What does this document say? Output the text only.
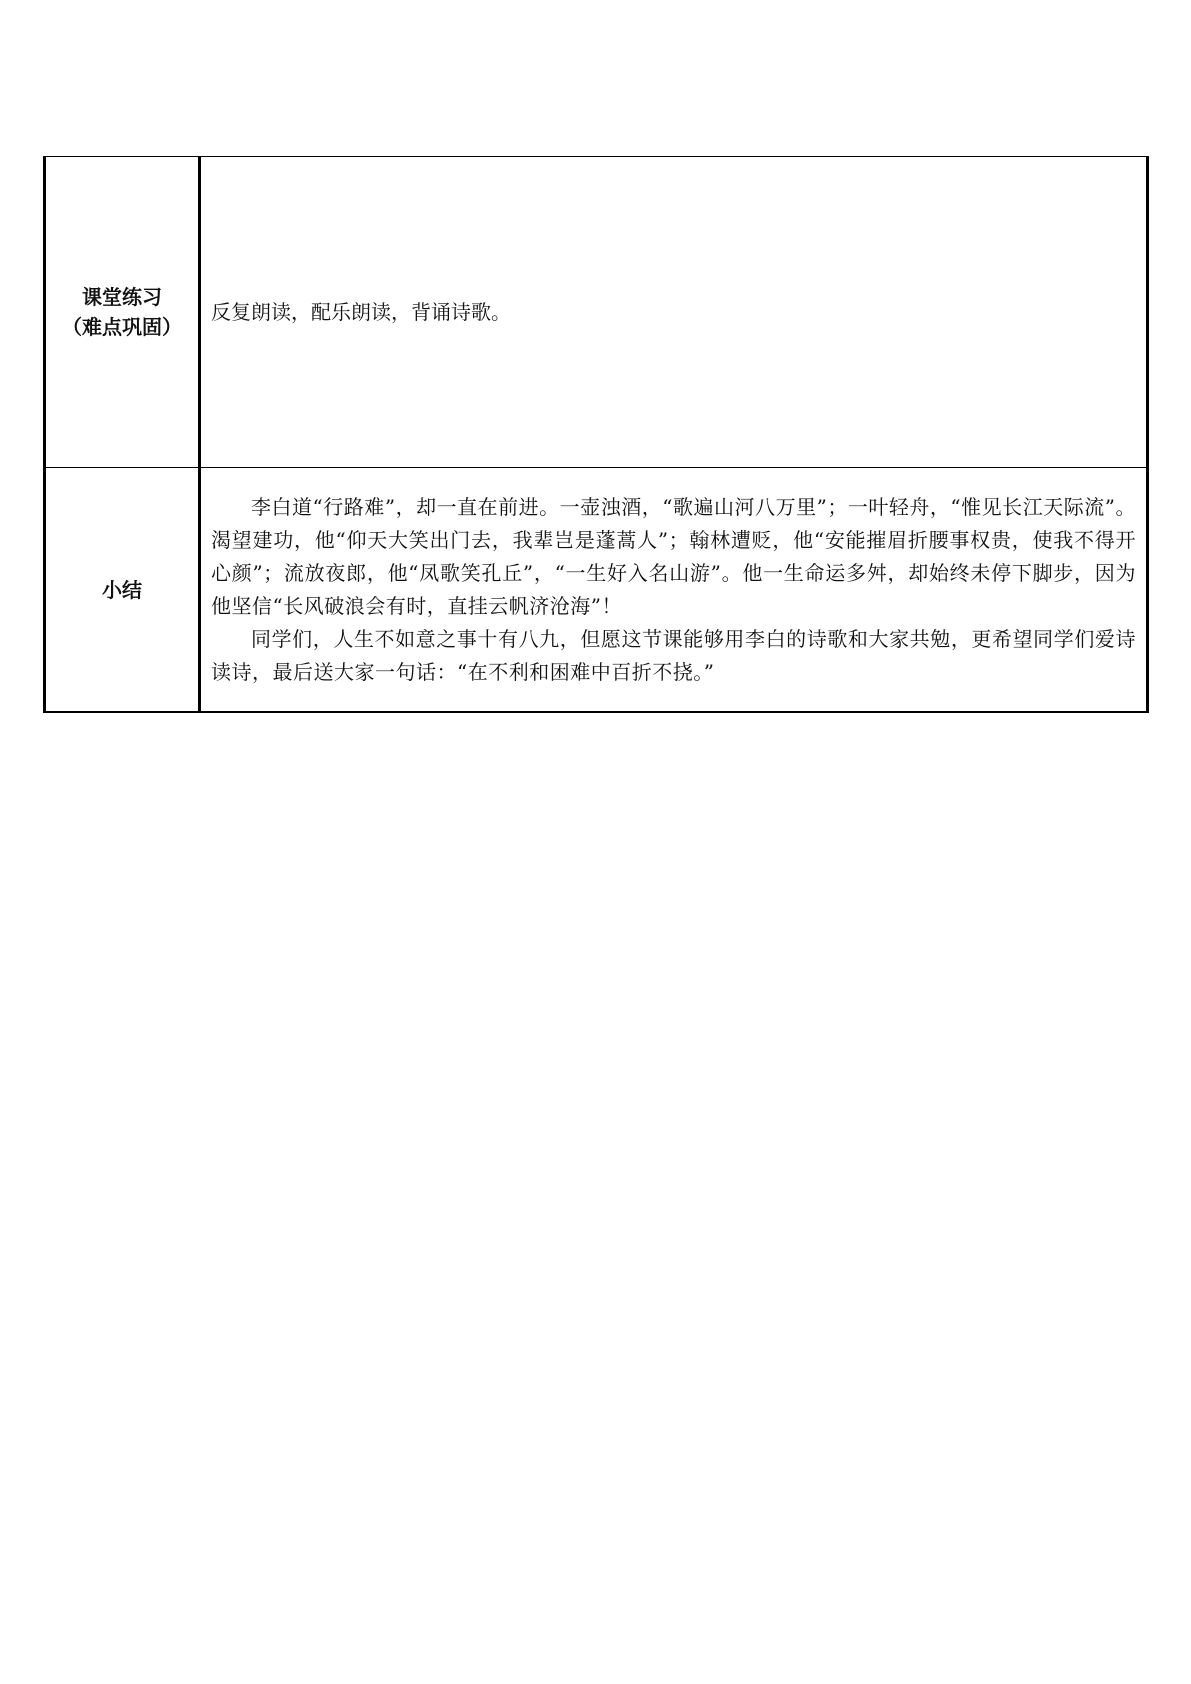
课堂练习
（难点巩固）	反复朗读，配乐朗读，背诵诗歌。

小结	李白道“行路难”，却一直在前进。一壶浊酒，“歌遍山河八万里”；一叶轻舟，“惟见长江天际流”。渴望建功，他“仰天大笑出门去，我辈岂是蓬蒿人”；翰林遭贬，他“安能摧眉折腰事权贵，使我不得开心颜”；流放夜郎，他“凤歌笑孔丘”，“一生好入名山游”。他一生命运多舛，却始终未停下脚步，因为他坚信“长风破浪会有时，直挂云帆济沧海”！

同学们，人生不如意之事十有八九，但愿这节课能够用李白的诗歌和大家共勉，更希望同学们爱诗读诗，最后送大家一句话：“在不利和困难中百折不挠。”
